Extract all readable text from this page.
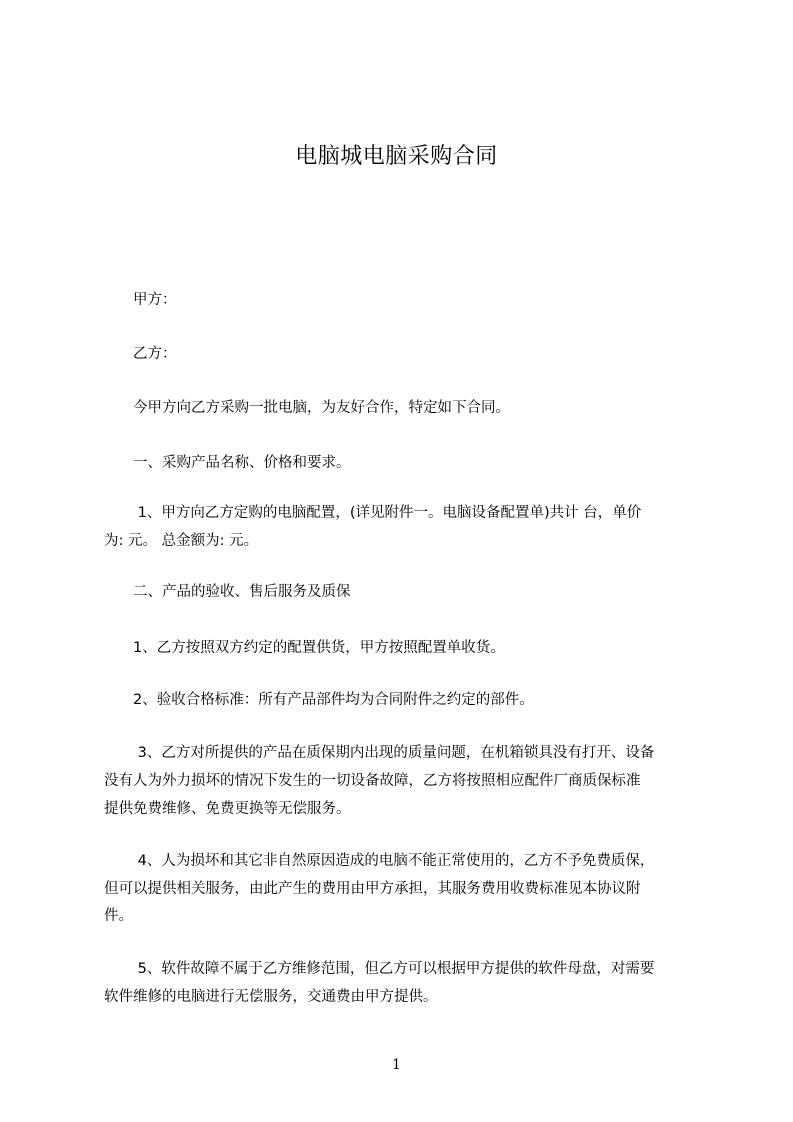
电脑城电脑采购合同
　　甲方：
　　乙方：
　　今甲方向乙方采购一批电脑，为友好合作，特定如下合同。
　　一、采购产品名称、价格和要求。
　　 1、甲方向乙方定购的电脑配置，(详见附件一。电脑设备配置单)共计 台，单价
为: 元。 总金额为: 元。
　　二、产品的验收、售后服务及质保
　　1、乙方按照双方约定的配置供货，甲方按照配置单收货。
　　2、验收合格标准：所有产品部件均为合同附件之约定的部件。
　　 3、乙方对所提供的产品在质保期内出现的质量问题，在机箱锁具没有打开、设备
没有人为外力损坏的情况下发生的一切设备故障，乙方将按照相应配件厂商质保标准
提供免费维修、免费更换等无偿服务。
　　 4、人为损坏和其它非自然原因造成的电脑不能正常使用的，乙方不予免费质保，
但可以提供相关服务，由此产生的费用由甲方承担，其服务费用收费标准见本协议附
件。
　　 5、软件故障不属于乙方维修范围，但乙方可以根据甲方提供的软件母盘，对需要
软件维修的电脑进行无偿服务，交通费由甲方提供。
1
